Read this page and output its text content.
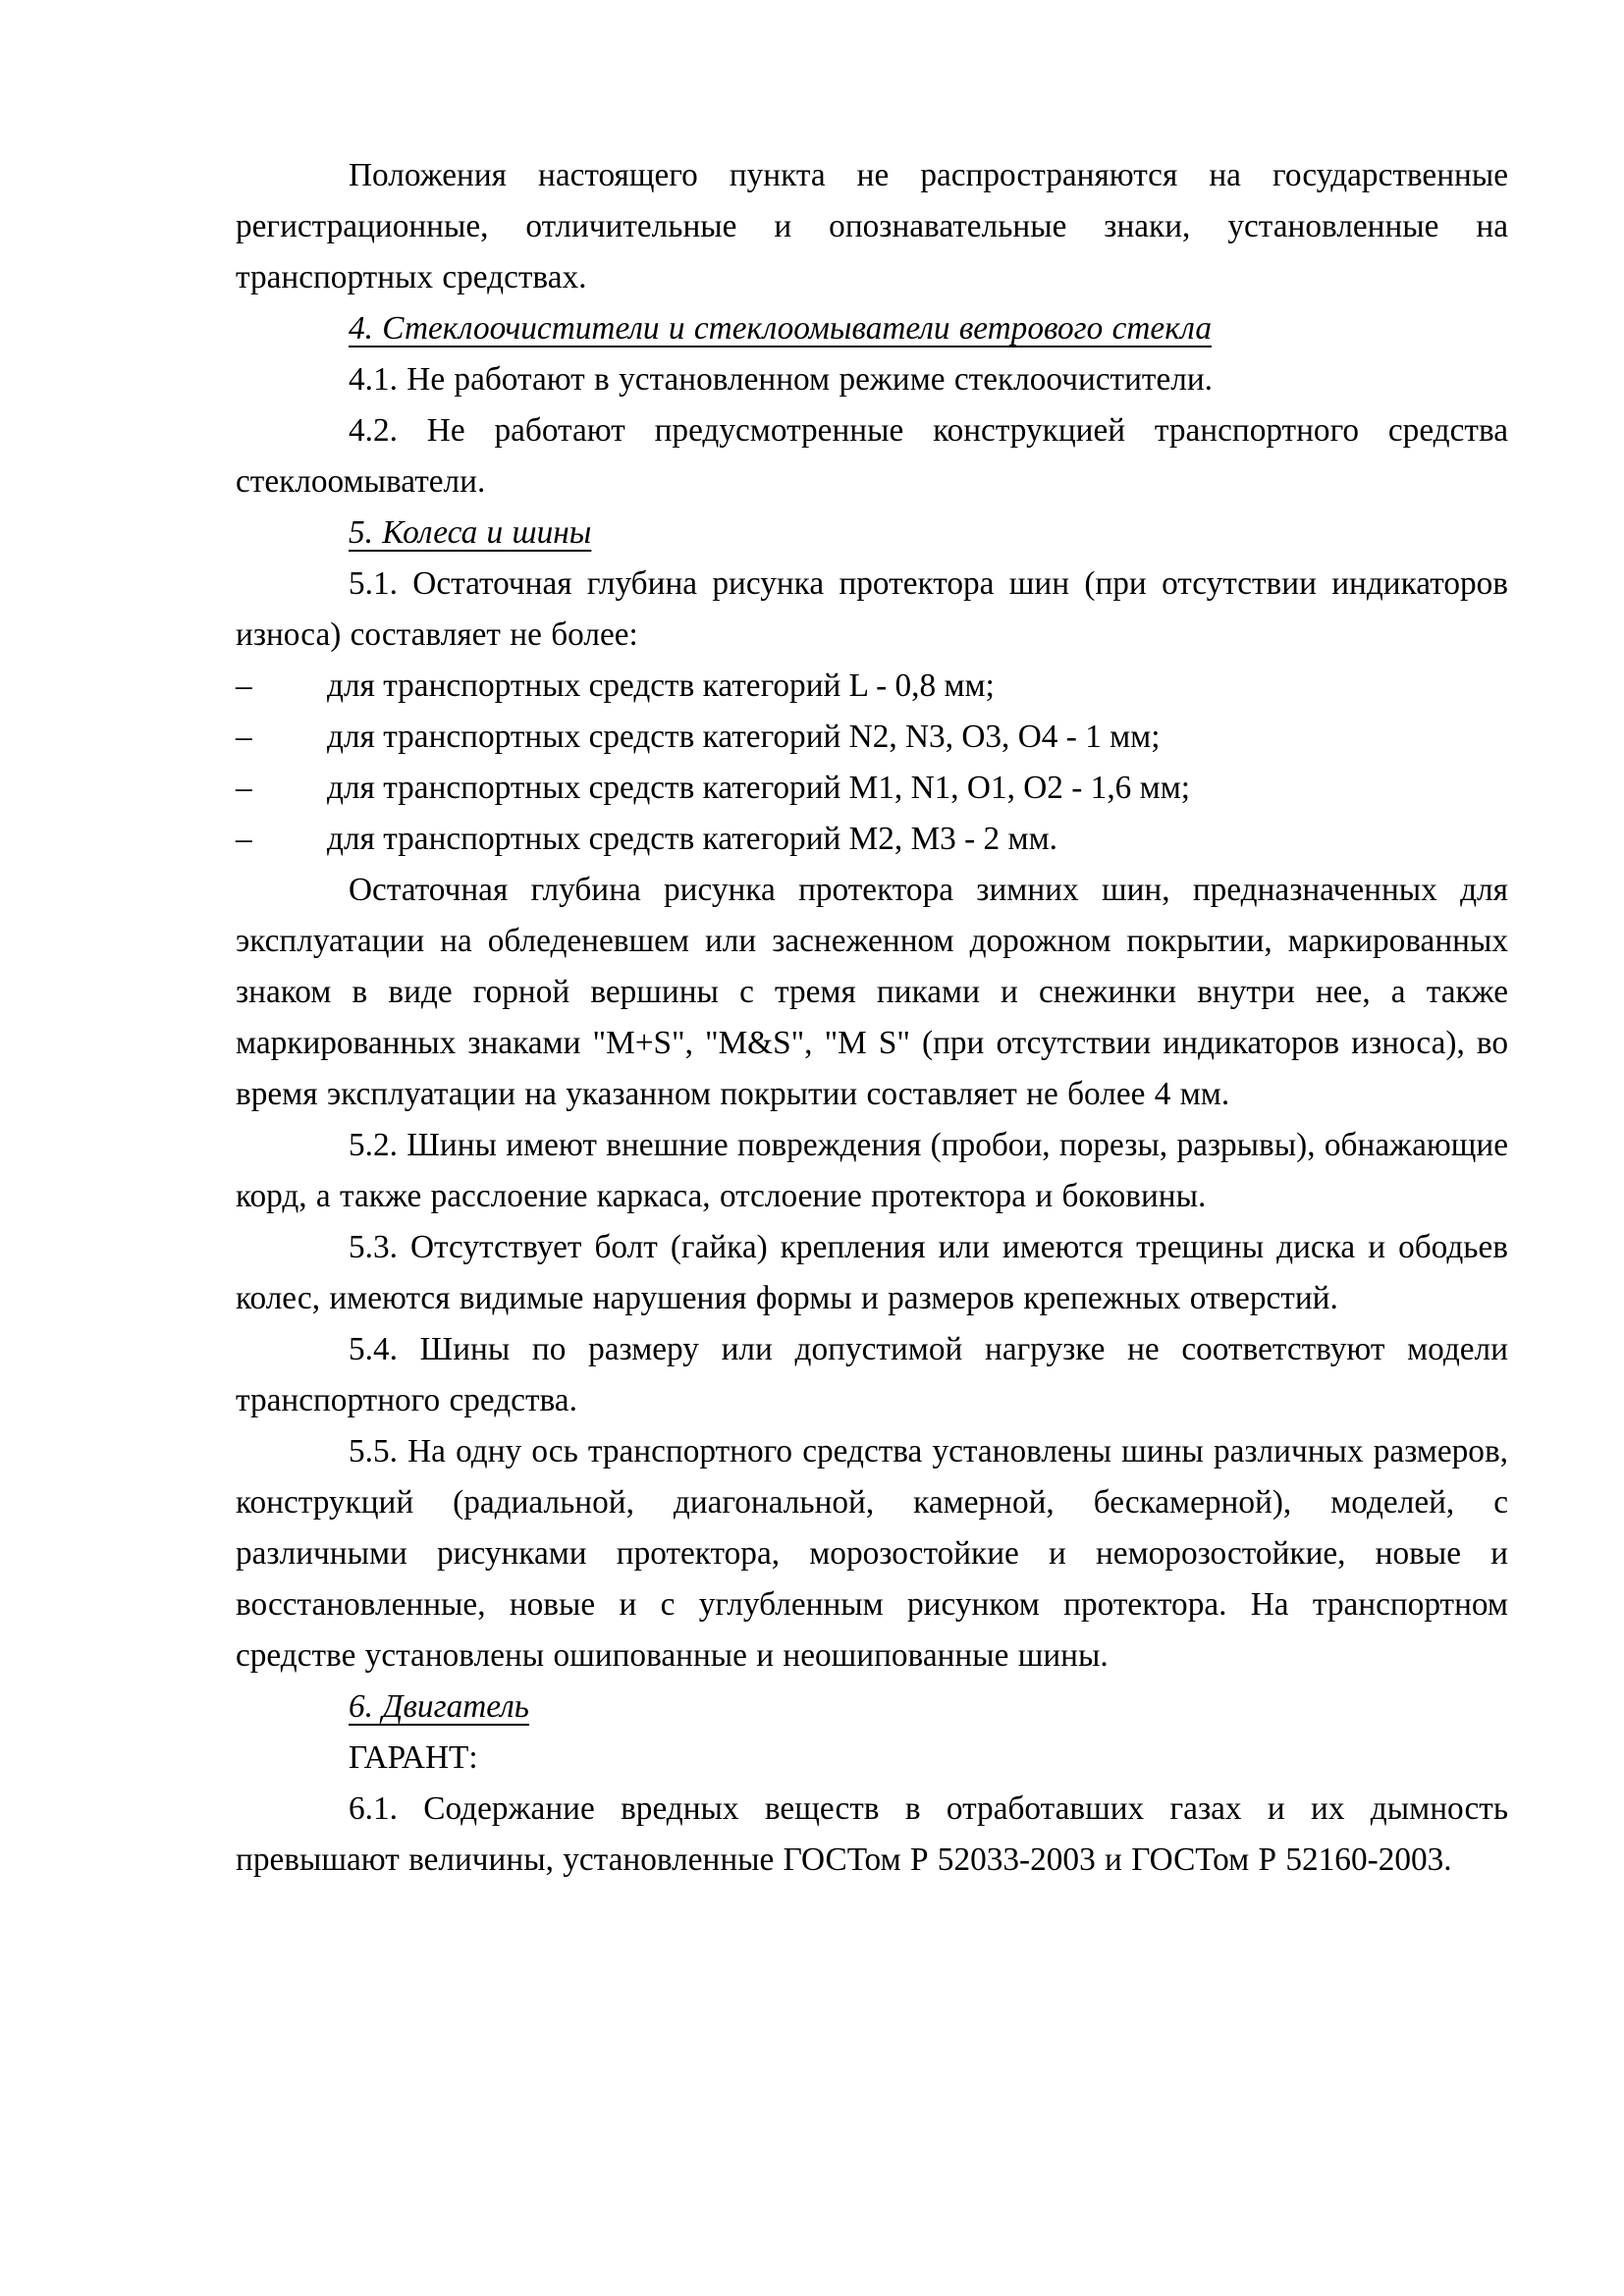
Положения настоящего пункта не распространяются на государственные регистрационные, отличительные и опознавательные знаки, установленные на транспортных средствах.
4. Стеклоочистители и стеклоомыватели ветрового стекла
4.1. Не работают в установленном режиме стеклоочистители.
4.2. Не работают предусмотренные конструкцией транспортного средства стеклоомыватели.
5. Колеса и шины
5.1. Остаточная глубина рисунка протектора шин (при отсутствии индикаторов износа) составляет не более:
– для транспортных средств категорий L - 0,8 мм;
– для транспортных средств категорий N2, N3, O3, O4 - 1 мм;
– для транспортных средств категорий M1, N1, O1, O2 - 1,6 мм;
– для транспортных средств категорий M2, M3 - 2 мм.
Остаточная глубина рисунка протектора зимних шин, предназначенных для эксплуатации на обледеневшем или заснеженном дорожном покрытии, маркированных знаком в виде горной вершины с тремя пиками и снежинки внутри нее, а также маркированных знаками "M+S", "M&S", "M S" (при отсутствии индикаторов износа), во время эксплуатации на указанном покрытии составляет не более 4 мм.
5.2. Шины имеют внешние повреждения (пробои, порезы, разрывы), обнажающие корд, а также расслоение каркаса, отслоение протектора и боковины.
5.3. Отсутствует болт (гайка) крепления или имеются трещины диска и ободьев колес, имеются видимые нарушения формы и размеров крепежных отверстий.
5.4. Шины по размеру или допустимой нагрузке не соответствуют модели транспортного средства.
5.5. На одну ось транспортного средства установлены шины различных размеров, конструкций (радиальной, диагональной, камерной, бескамерной), моделей, с различными рисунками протектора, морозостойкие и неморозостойкие, новые и восстановленные, новые и с углубленным рисунком протектора. На транспортном средстве установлены ошипованные и неошипованные шины.
6. Двигатель
ГАРАНТ:
6.1. Содержание вредных веществ в отработавших газах и их дымность превышают величины, установленные ГОСТом Р 52033-2003 и ГОСТом Р 52160-2003.
